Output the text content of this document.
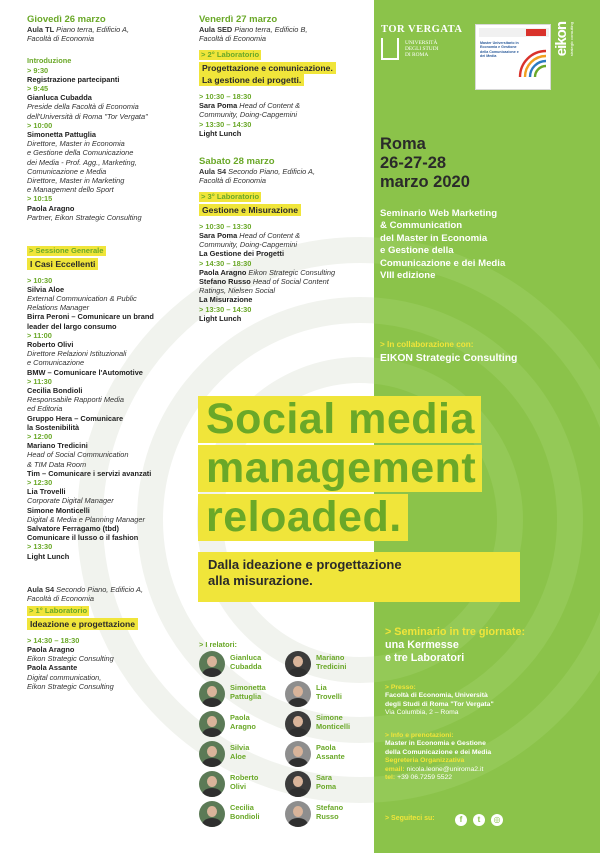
Giovedì 26 marzo
Aula TL Piano terra, Edificio A,
Facoltà di Economia
Introduzione
> 9:30
Registrazione partecipanti
> 9:45
Gianluca Cubadda
Preside della Facoltà di Economia
dell'Università di Roma "Tor Vergata"
> 10:00
Simonetta Pattuglia
Direttore, Master in Economia
e Gestione della Comunicazione
dei Media - Prof. Agg., Marketing,
Comunicazione e Media
Direttore, Master in Marketing
e Management dello Sport
> 10:15
Paola Aragno
Partner, Eikon Strategic Consulting
> Sessione Generale
I Casi Eccellenti
> 10:30
Silvia Aloe
External Communication & Public
Relations Manager
Birra Peroni – Comunicare un brand
leader del largo consumo
> 11:00
Roberto Olivi
Direttore Relazioni Istituzionali
e Comunicazione
BMW – Comunicare l'Automotive
> 11:30
Cecilia Bondioli
Responsabile Rapporti Media
ed Editoria
Gruppo Hera – Comunicare
la Sostenibilità
> 12:00
Mariano Tredicini
Head of Social Communication
& TIM Data Room
Tim – Comunicare i servizi avanzati
> 12:30
Lia Trovelli
Corporate Digital Manager
Simone Monticelli
Digital & Media e Planning Manager
Salvatore Ferragamo (tbd)
Comunicare il lusso o il fashion
> 13:30
Light Lunch
Aula S4 Secondo Piano, Edificio A,
Facoltà di Economia
> 1° Laboratorio
Ideazione e progettazione
> 14:30 – 18:30
Paola Aragno
Eikon Strategic Consulting
Paola Assante
Digital communication,
Eikon Strategic Consulting
Venerdì 27 marzo
Aula SED Piano terra, Edificio B,
Facoltà di Economia
> 2° Laboratorio
Progettazione e comunicazione.
La gestione dei progetti.
> 10:30 – 18:30
Sara Poma Head of Content &
Community, Doing-Capgemini
> 13:30 – 14:30
Light Lunch
Sabato 28 marzo
Aula S4 Secondo Piano, Edificio A,
Facoltà di Economia
> 3° Laboratorio
Gestione e Misurazione
> 10:30 – 13:30
Sara Poma Head of Content &
Community, Doing-Capgemini
La Gestione dei Progetti
> 14:30 – 18:30
Paola Aragno Eikon Strategic Consulting
Stefano Russo Head of Social Content
Ratings, Nielsen Social
La Misurazione
> 13:30 – 14:30
Light Lunch
TOR VERGATA
UNIVERSITÀ
DEGLI STUDI
DI ROMA
Master Universitario in Economia e Gestione della Comunicazione e dei Media
eikon strategic consulting
Roma
26-27-28
marzo 2020
Seminario Web Marketing
& Communication
del Master in Economia
e Gestione della
Comunicazione e dei Media
VIII edizione
> In collaborazione con:
EIKON Strategic Consulting
Social media
management
reloaded.
Dalla ideazione e progettazione
alla misurazione.
> Seminario in tre giornate:
una Kermesse
e tre Laboratori
> Presso:
Facoltà di Economia, Università
degli Studi di Roma "Tor Vergata"
Via Columbia, 2 – Roma
> Info e prenotazioni:
Master in Economia e Gestione
della Comunicazione e dei Media
Segreteria Organizzativa
email: nicola.leone@uniroma2.it
tel: +39 06.7259 5522
> Seguiteci su:	f	t	◎
> I relatori:
Gianluca
Cubadda
Mariano
Tredicini
Simonetta
Pattuglia
Lia
Trovelli
Paola
Aragno
Simone
Monticelli
Silvia
Aloe
Paola
Assante
Roberto
Olivi
Sara
Poma
Cecilia
Bondioli
Stefano
Russo
